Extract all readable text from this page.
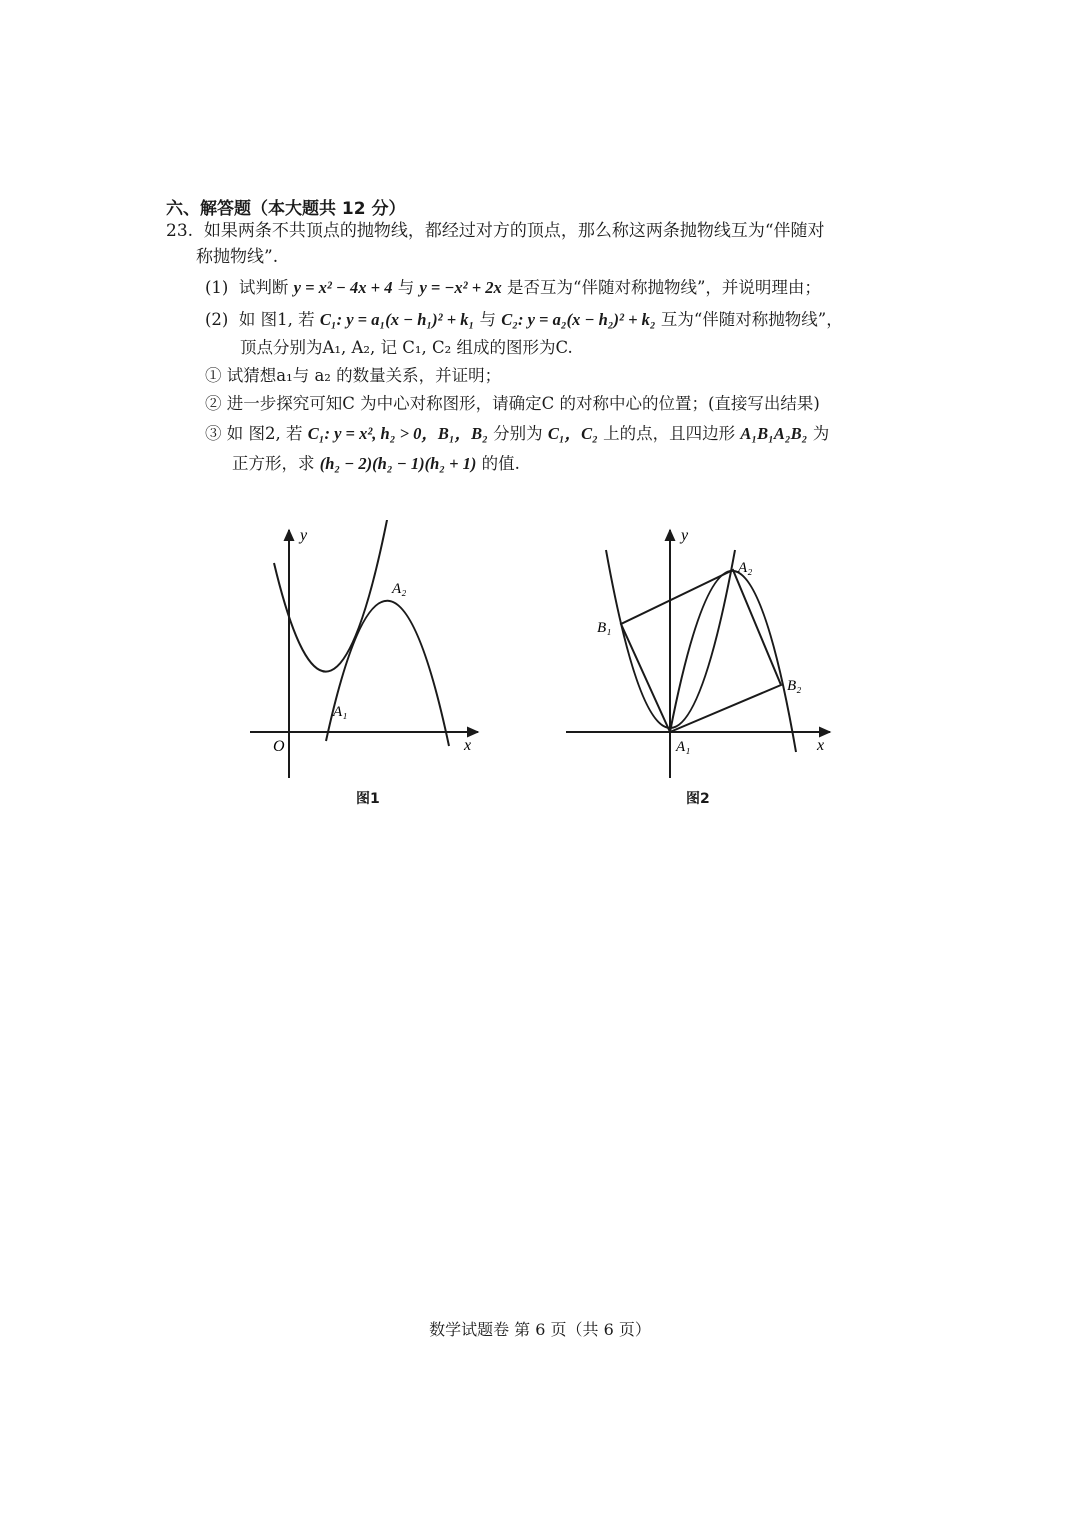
六、解答题（本大题共 12 分）
23. 如果两条不共顶点的抛物线，都经过对方的顶点，那么称这两条抛物线互为“伴随对
称抛物线”.
(1) 试判断 y = x² − 4x + 4 与 y = −x² + 2x 是否互为“伴随对称抛物线”，并说明理由；
(2) 如 图1, 若 C₁: y = a₁(x − h₁)² + k₁ 与 C₂: y = a₂(x − h₂)² + k₂ 互为“伴随对称抛物线”，
顶点分别为A₁, A₂, 记 C₁, C₂ 组成的图形为C.
① 试猜想a₁与 a₂ 的数量关系，并证明；
② 进一步探究可知C 为中心对称图形，请确定C 的对称中心的位置；(直接写出结果)
③ 如 图2, 若 C₁: y = x², h₂ > 0，B₁，B₂ 分别为 C₁，C₂ 上的点，且四边形 A₁B₁A₂B₂ 为
正方形，求 (h₂ − 2)(h₂ − 1)(h₂ + 1) 的值.
y
x
O
A₁
A₂
图1
y
x
A₁
A₂
B₁
B₂
图2
数学试题卷 第 6 页（共 6 页）
